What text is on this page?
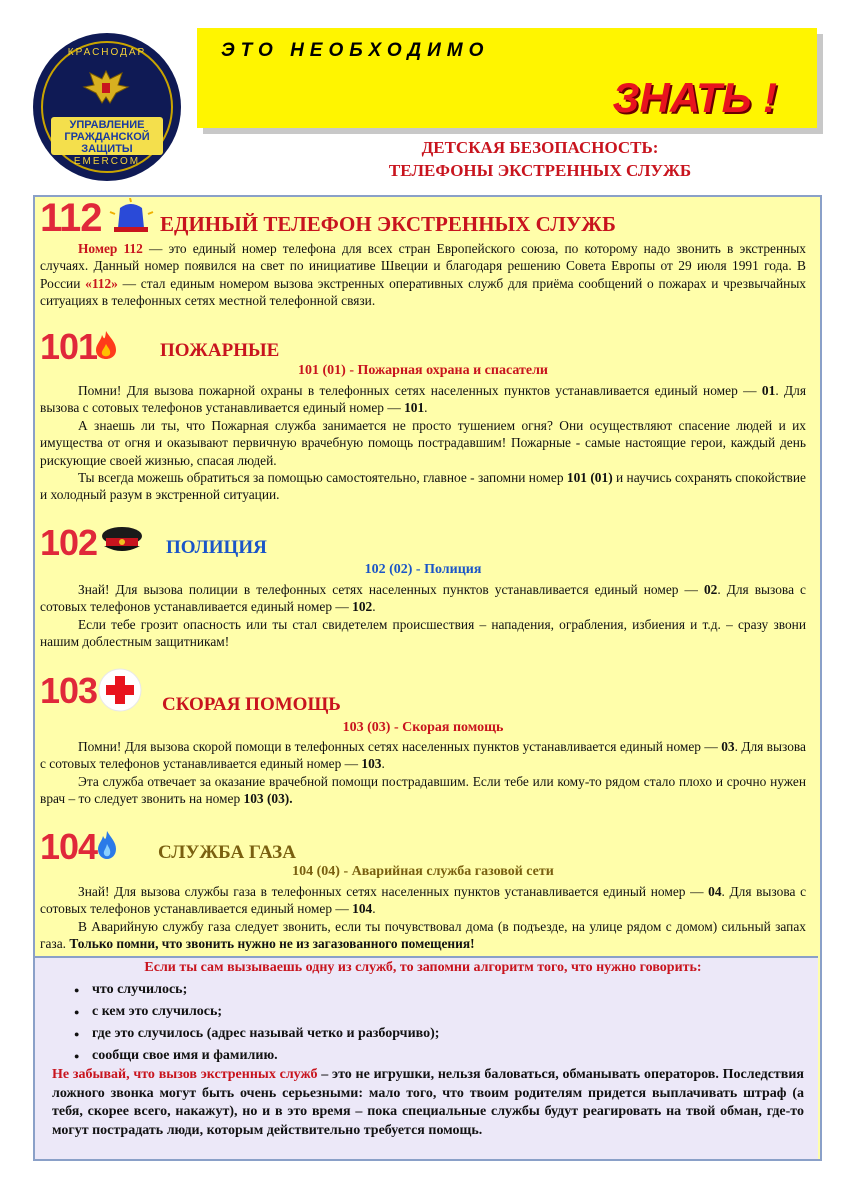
КРАСНОДАР
УПРАВЛЕНИЕ ГРАЖДАНСКОЙ ЗАЩИТЫ
EMERCOM
ЭТО НЕОБХОДИМО
ЗНАТЬ !
ДЕТСКАЯ БЕЗОПАСНОСТЬ:
ТЕЛЕФОНЫ ЭКСТРЕННЫХ СЛУЖБ
112	ЕДИНЫЙ ТЕЛЕФОН ЭКСТРЕННЫХ СЛУЖБ

Номер 112 — это единый номер телефона для всех стран Европейского союза, по которому надо звонить в экстренных случаях. Данный номер появился на свет по инициативе Швеции и благодаря решению Совета Европы от 29 июля 1991 года. В России «112» — стал единым номером вызова экстренных оперативных служб для приёма сообщений о пожарах и чрезвычайных ситуациях в телефонных сетях местной телефонной связи.

101	ПОЖАРНЫЕ
101 (01) - Пожарная охрана и спасатели

Помни! Для вызова пожарной охраны в телефонных сетях населенных пунктов устанавливается единый номер — 01. Для вызова с сотовых телефонов устанавливается единый номер — 101.

А знаешь ли ты, что Пожарная служба занимается не просто тушением огня? Они осуществляют спасение людей и их имущества от огня и оказывают первичную врачебную помощь пострадавшим! Пожарные - самые настоящие герои, каждый день рискующие своей жизнью, спасая людей.

Ты всегда можешь обратиться за помощью самостоятельно, главное - запомни номер 101 (01) и научись сохранять спокойствие и холодный разум в экстренной ситуации.

102	ПОЛИЦИЯ
102 (02) - Полиция

Знай! Для вызова полиции в телефонных сетях населенных пунктов устанавливается единый номер — 02. Для вызова с сотовых телефонов устанавливается единый номер — 102.

Если тебе грозит опасность или ты стал свидетелем происшествия – нападения, ограбления, избиения и т.д. – сразу звони нашим доблестным защитникам!

103	СКОРАЯ ПОМОЩЬ
103 (03) - Скорая помощь

Помни! Для вызова скорой помощи в телефонных сетях населенных пунктов устанавливается единый номер — 03. Для вызова с сотовых телефонов устанавливается единый номер — 103.

Эта служба отвечает за оказание врачебной помощи пострадавшим. Если тебе или кому-то рядом стало плохо и срочно нужен врач – то следует звонить на номер 103 (03).

104	СЛУЖБА ГАЗА
104 (04) - Аварийная служба газовой сети

Знай! Для вызова службы газа в телефонных сетях населенных пунктов устанавливается единый номер — 04. Для вызова с сотовых телефонов устанавливается единый номер — 104.

В Аварийную службу газа следует звонить, если ты почувствовал дома (в подъезде, на улице рядом с домом) сильный запах газа. Только помни, что звонить нужно не из загазованного помещения!

Если ты сам вызываешь одну из служб, то запомни алгоритм того, что нужно говорить:
● что случилось;
● с кем это случилось;
● где это случилось (адрес называй четко и разборчиво);
● сообщи свое имя и фамилию.

Не забывай, что вызов экстренных служб – это не игрушки, нельзя баловаться, обманывать операторов. Последствия ложного звонка могут быть очень серьезными: мало того, что твоим родителям придется выплачивать штраф (а тебя, скорее всего, накажут), но и в это время – пока специальные службы будут реагировать на твой обман, где-то могут пострадать люди, которым действительно требуется помощь.
